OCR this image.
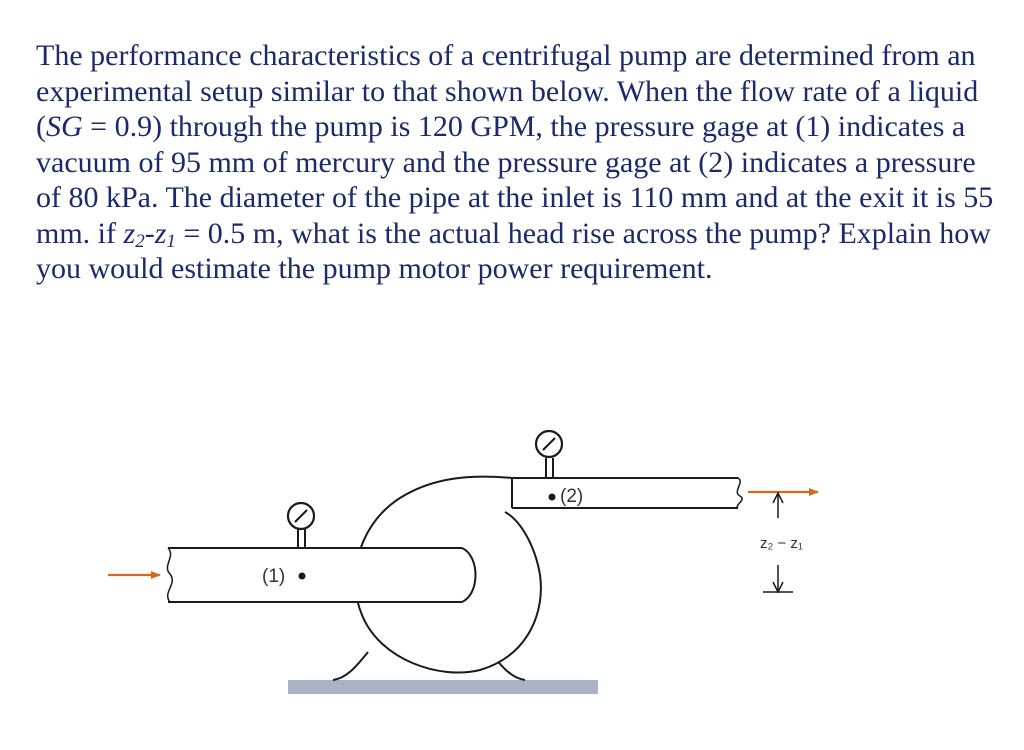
The performance characteristics of a centrifugal pump are determined from an experimental setup similar to that shown below. When the flow rate of a liquid (SG = 0.9) through the pump is 120 GPM, the pressure gage at (1) indicates a vacuum of 95 mm of mercury and the pressure gage at (2) indicates a pressure of 80 kPa. The diameter of the pipe at the inlet is 110 mm and at the exit it is 55 mm. if $z_2-z_1 = 0.5$ m, what is the actual head rise across the pump? Explain how you would estimate the pump motor power requirement.

(1)
(2)
z₂ − z₁
